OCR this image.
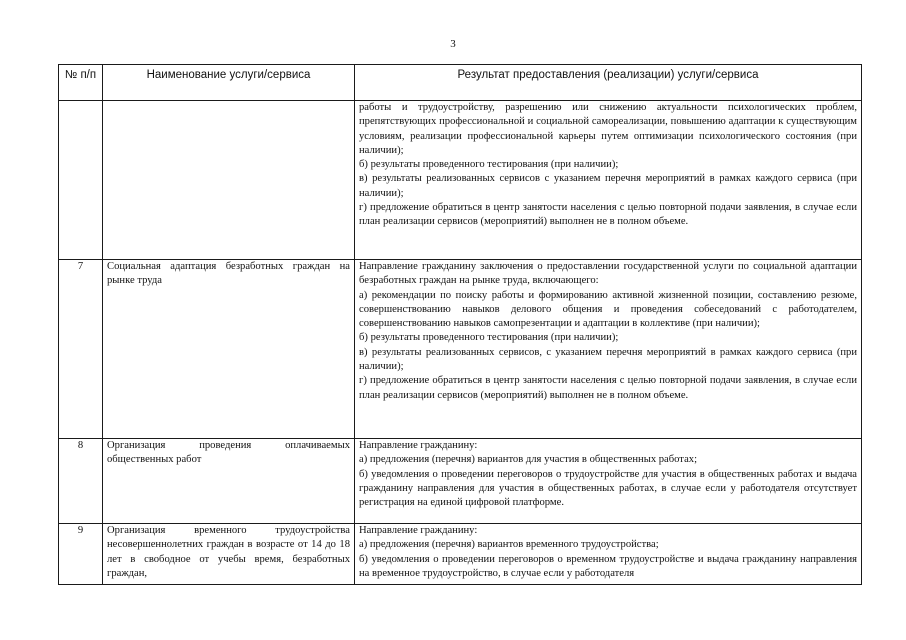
3
№ п/п	Наименование услуги/сервиса	Результат предоставления (реализации) услуги/сервиса

		работы и трудоустройству, разрешению или снижению актуальности психологических проблем, препятствующих профессиональной и социальной самореализации, повышению адаптации к существующим условиям, реализации профессиональной карьеры путем оптимизации психологического состояния (при наличии);
б) результаты проведенного тестирования (при наличии);
в) результаты реализованных сервисов с указанием перечня мероприятий в рамках каждого сервиса (при наличии);
г) предложение обратиться в центр занятости населения с целью повторной подачи заявления, в случае если план реализации сервисов (мероприятий) выполнен не в полном объеме.

7	Социальная адаптация безработных граждан на рынке труда	Направление гражданину заключения о предоставлении государственной услуги по социальной адаптации безработных граждан на рынке труда, включающего:
а) рекомендации по поиску работы и формированию активной жизненной позиции, составлению резюме, совершенствованию навыков делового общения и проведения собеседований с работодателем, совершенствованию навыков самопрезентации и адаптации в коллективе (при наличии);
б) результаты проведенного тестирования (при наличии);
в) результаты реализованных сервисов, с указанием перечня мероприятий в рамках каждого сервиса (при наличии);
г) предложение обратиться в центр занятости населения с целью повторной подачи заявления, в случае если план реализации сервисов (мероприятий) выполнен не в полном объеме.

8	Организация проведения оплачиваемых общественных работ	Направление гражданину:
а) предложения (перечня) вариантов для участия в общественных работах;
б) уведомления о проведении переговоров о трудоустройстве для участия в общественных работах и выдача гражданину направления для участия в общественных работах, в случае если у работодателя отсутствует регистрация на единой цифровой платформе.

9	Организация временного трудоустройства несовершеннолетних граждан в возрасте от 14 до 18 лет в свободное от учебы время, безработных граждан,	Направление гражданину:
а) предложения (перечня) вариантов временного трудоустройства;
б) уведомления о проведении переговоров о временном трудоустройстве и выдача гражданину направления на временное трудоустройство, в случае если у работодателя
